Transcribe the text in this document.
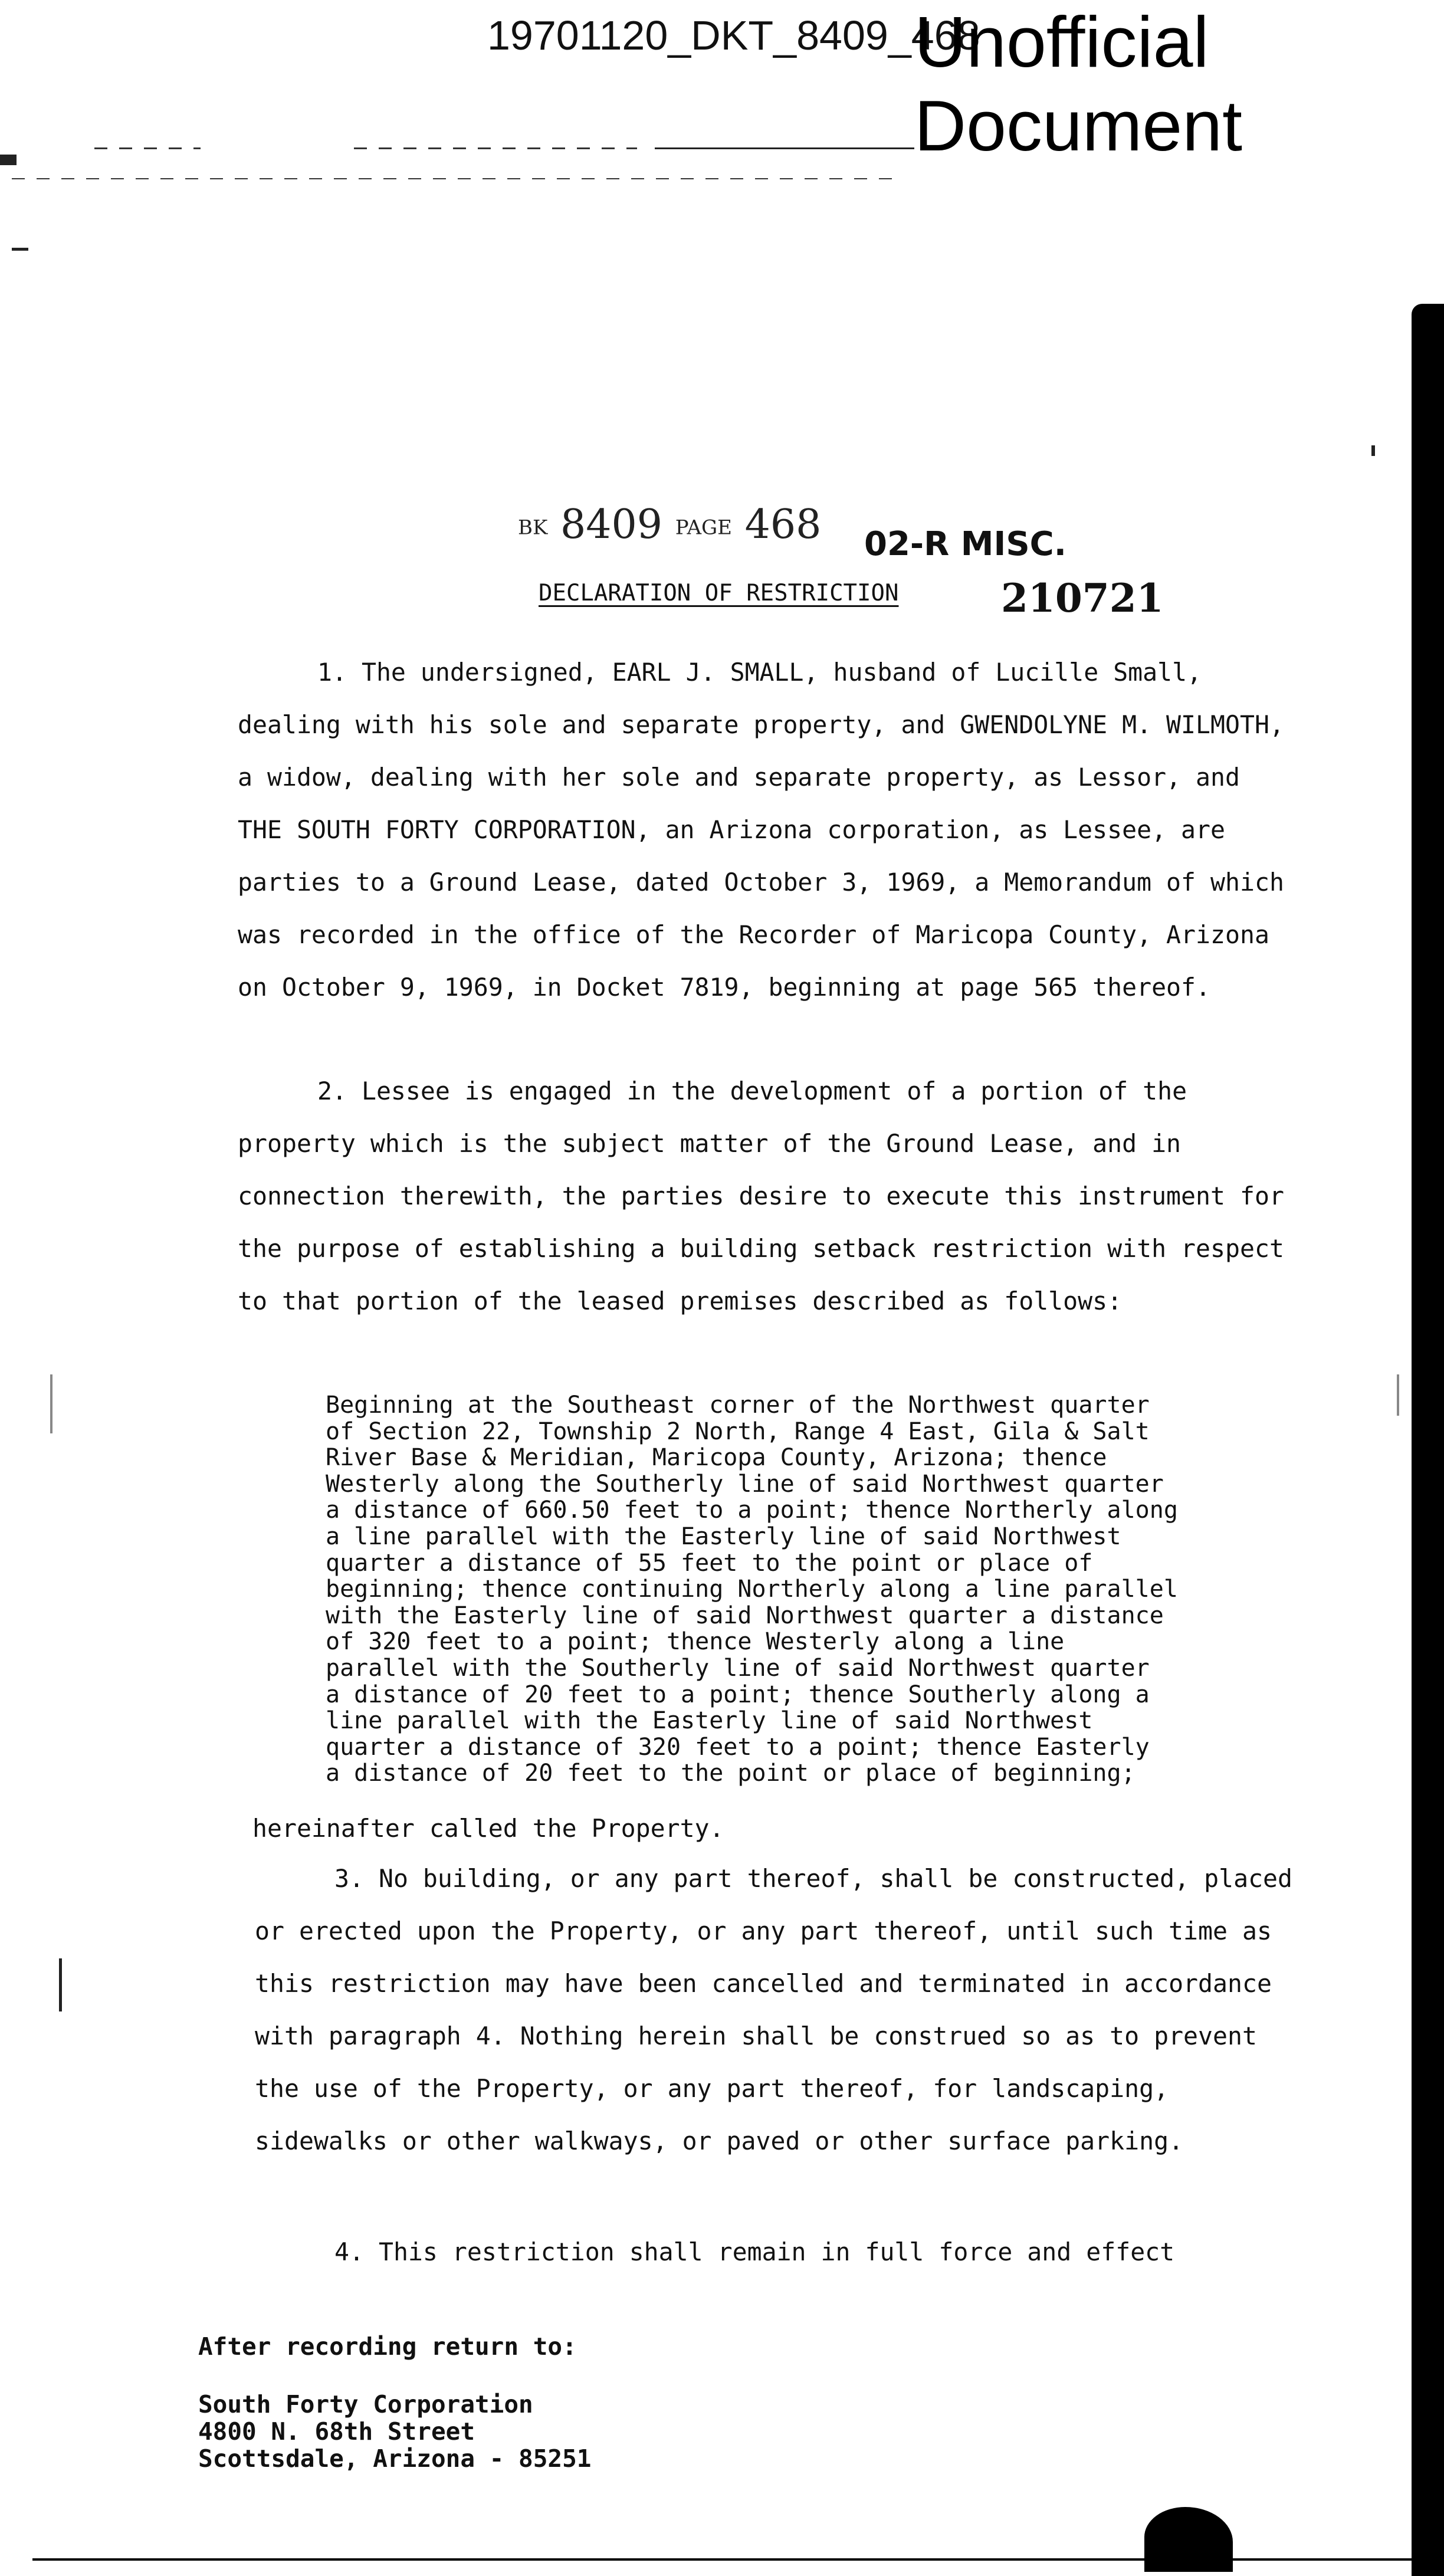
19701120_DKT_8409_468
Unofficial
Document
BK 8409 PAGE 468 02-R MISC.
210721
DECLARATION OF RESTRICTION

1. The undersigned, EARL J. SMALL, husband of Lucille Small, dealing with his sole and separate property, and GWENDOLYNE M. WILMOTH, a widow, dealing with her sole and separate property, as Lessor, and THE SOUTH FORTY CORPORATION, an Arizona corporation, as Lessee, are parties to a Ground Lease, dated October 3, 1969, a Memorandum of which was recorded in the office of the Recorder of Maricopa County, Arizona on October 9, 1969, in Docket 7819, beginning at page 565 thereof.

2. Lessee is engaged in the development of a portion of the property which is the subject matter of the Ground Lease, and in connection therewith, the parties desire to execute this instrument for the purpose of establishing a building setback restriction with respect to that portion of the leased premises described as follows:

Beginning at the Southeast corner of the Northwest quarter
of Section 22, Township 2 North, Range 4 East, Gila & Salt
River Base & Meridian, Maricopa County, Arizona; thence
Westerly along the Southerly line of said Northwest quarter
a distance of 660.50 feet to a point; thence Northerly along
a line parallel with the Easterly line of said Northwest
quarter a distance of 55 feet to the point or place of
beginning; thence continuing Northerly along a line parallel
with the Easterly line of said Northwest quarter a distance
of 320 feet to a point; thence Westerly along a line
parallel with the Southerly line of said Northwest quarter
a distance of 20 feet to a point; thence Southerly along a
line parallel with the Easterly line of said Northwest
quarter a distance of 320 feet to a point; thence Easterly
a distance of 20 feet to the point or place of beginning;

hereinafter called the Property.

3. No building, or any part thereof, shall be constructed, placed or erected upon the Property, or any part thereof, until such time as this restriction may have been cancelled and terminated in accordance with paragraph 4. Nothing herein shall be construed so as to prevent the use of the Property, or any part thereof, for landscaping, sidewalks or other walkways, or paved or other surface parking.

4. This restriction shall remain in full force and effect

After recording return to:
South Forty Corporation
4800 N. 68th Street
Scottsdale, Arizona - 85251
